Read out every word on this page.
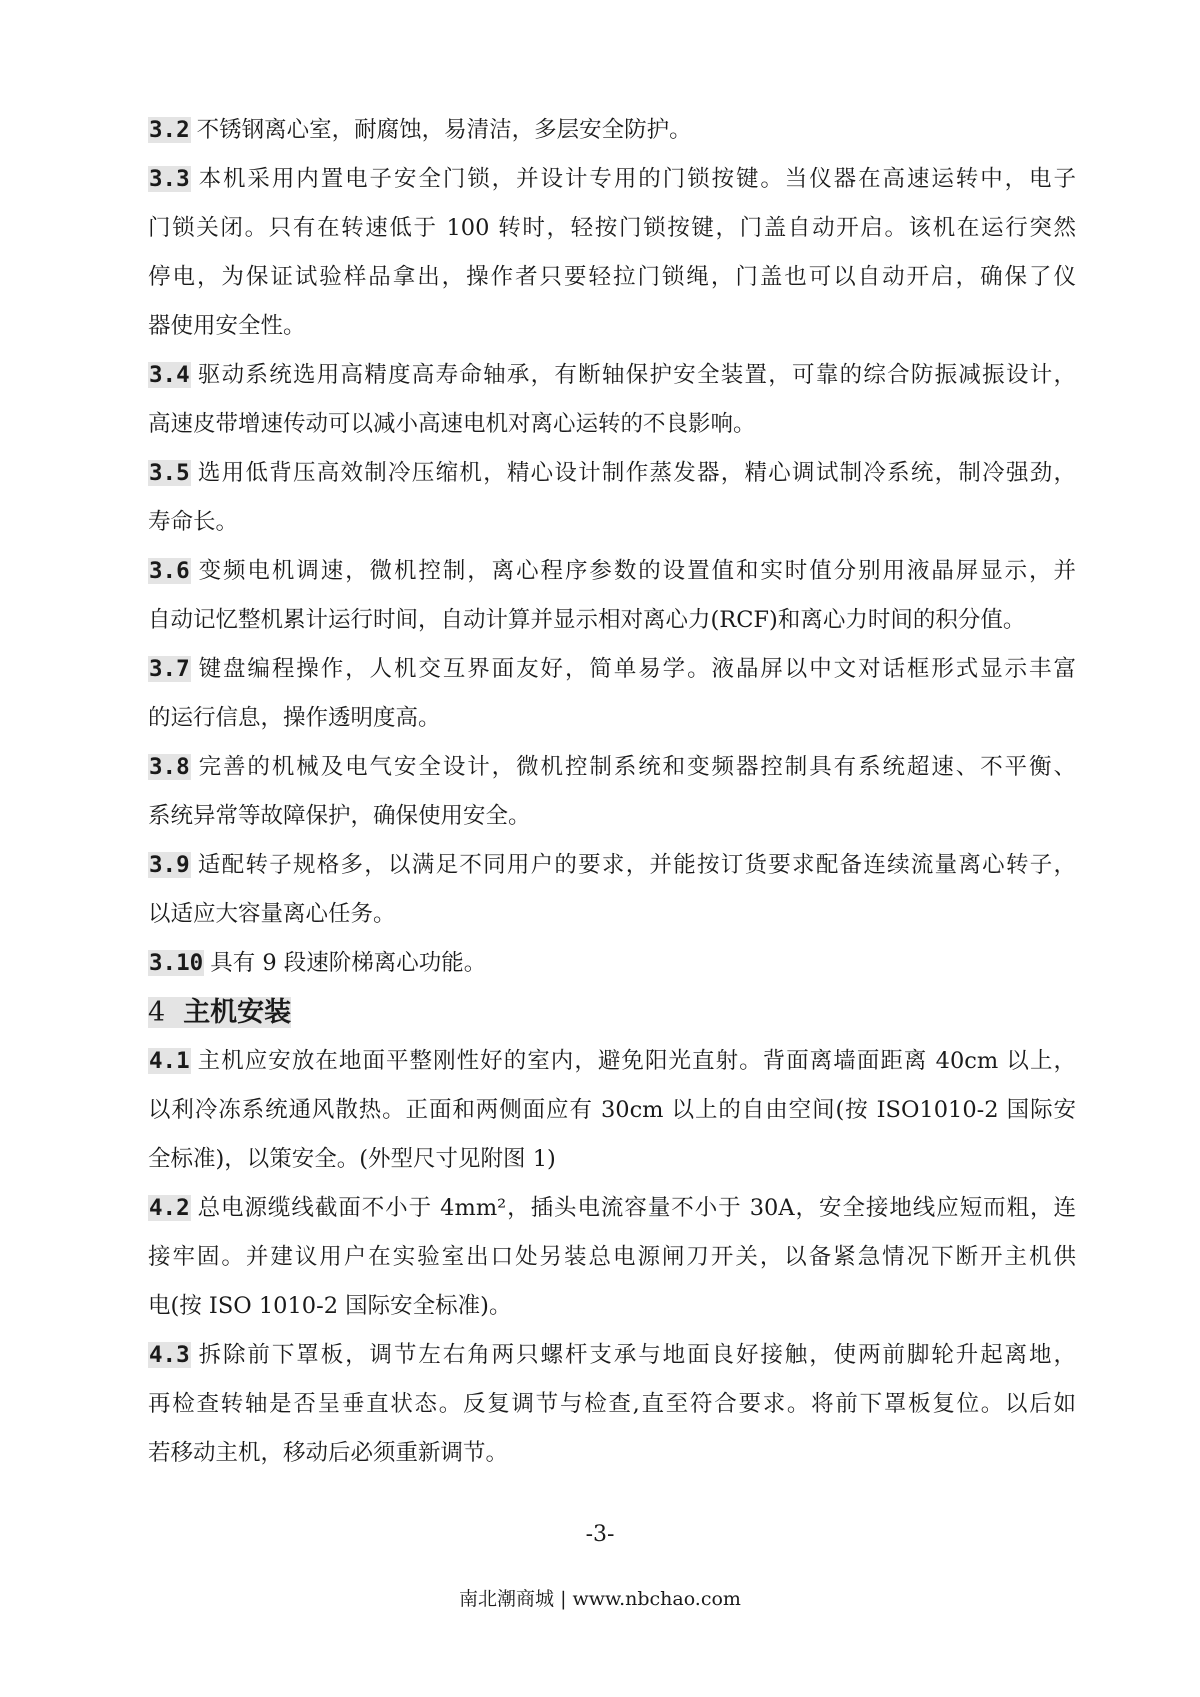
3.2 不锈钢离心室，耐腐蚀，易清洁，多层安全防护。
3.3 本机采用内置电子安全门锁，并设计专用的门锁按键。当仪器在高速运转中，电子
门锁关闭。只有在转速低于 100 转时，轻按门锁按键，门盖自动开启。该机在运行突然
停电，为保证试验样品拿出，操作者只要轻拉门锁绳，门盖也可以自动开启，确保了仪
器使用安全性。
3.4 驱动系统选用高精度高寿命轴承，有断轴保护安全装置，可靠的综合防振减振设计，
高速皮带增速传动可以减小高速电机对离心运转的不良影响。
3.5 选用低背压高效制冷压缩机，精心设计制作蒸发器，精心调试制冷系统，制冷强劲，
寿命长。
3.6 变频电机调速，微机控制，离心程序参数的设置值和实时值分别用液晶屏显示，并
自动记忆整机累计运行时间，自动计算并显示相对离心力(RCF)和离心力时间的积分值。
3.7 键盘编程操作，人机交互界面友好，简单易学。液晶屏以中文对话框形式显示丰富
的运行信息，操作透明度高。
3.8 完善的机械及电气安全设计，微机控制系统和变频器控制具有系统超速、不平衡、
系统异常等故障保护，确保使用安全。
3.9 适配转子规格多，以满足不同用户的要求，并能按订货要求配备连续流量离心转子，
以适应大容量离心任务。
3.10 具有 9 段速阶梯离心功能。
4 主机安装
4.1 主机应安放在地面平整刚性好的室内，避免阳光直射。背面离墙面距离 40cm 以上，
以利冷冻系统通风散热。正面和两侧面应有 30cm 以上的自由空间(按 ISO1010-2 国际安
全标准)，以策安全。(外型尺寸见附图 1)
4.2 总电源缆线截面不小于 4mm²，插头电流容量不小于 30A，安全接地线应短而粗，连
接牢固。并建议用户在实验室出口处另装总电源闸刀开关，以备紧急情况下断开主机供
电(按 ISO 1010-2 国际安全标准)。
4.3 拆除前下罩板，调节左右角两只螺杆支承与地面良好接触，使两前脚轮升起离地，
再检查转轴是否呈垂直状态。反复调节与检查,直至符合要求。将前下罩板复位。以后如
若移动主机，移动后必须重新调节。
-3-
南北潮商城 | www.nbchao.com
